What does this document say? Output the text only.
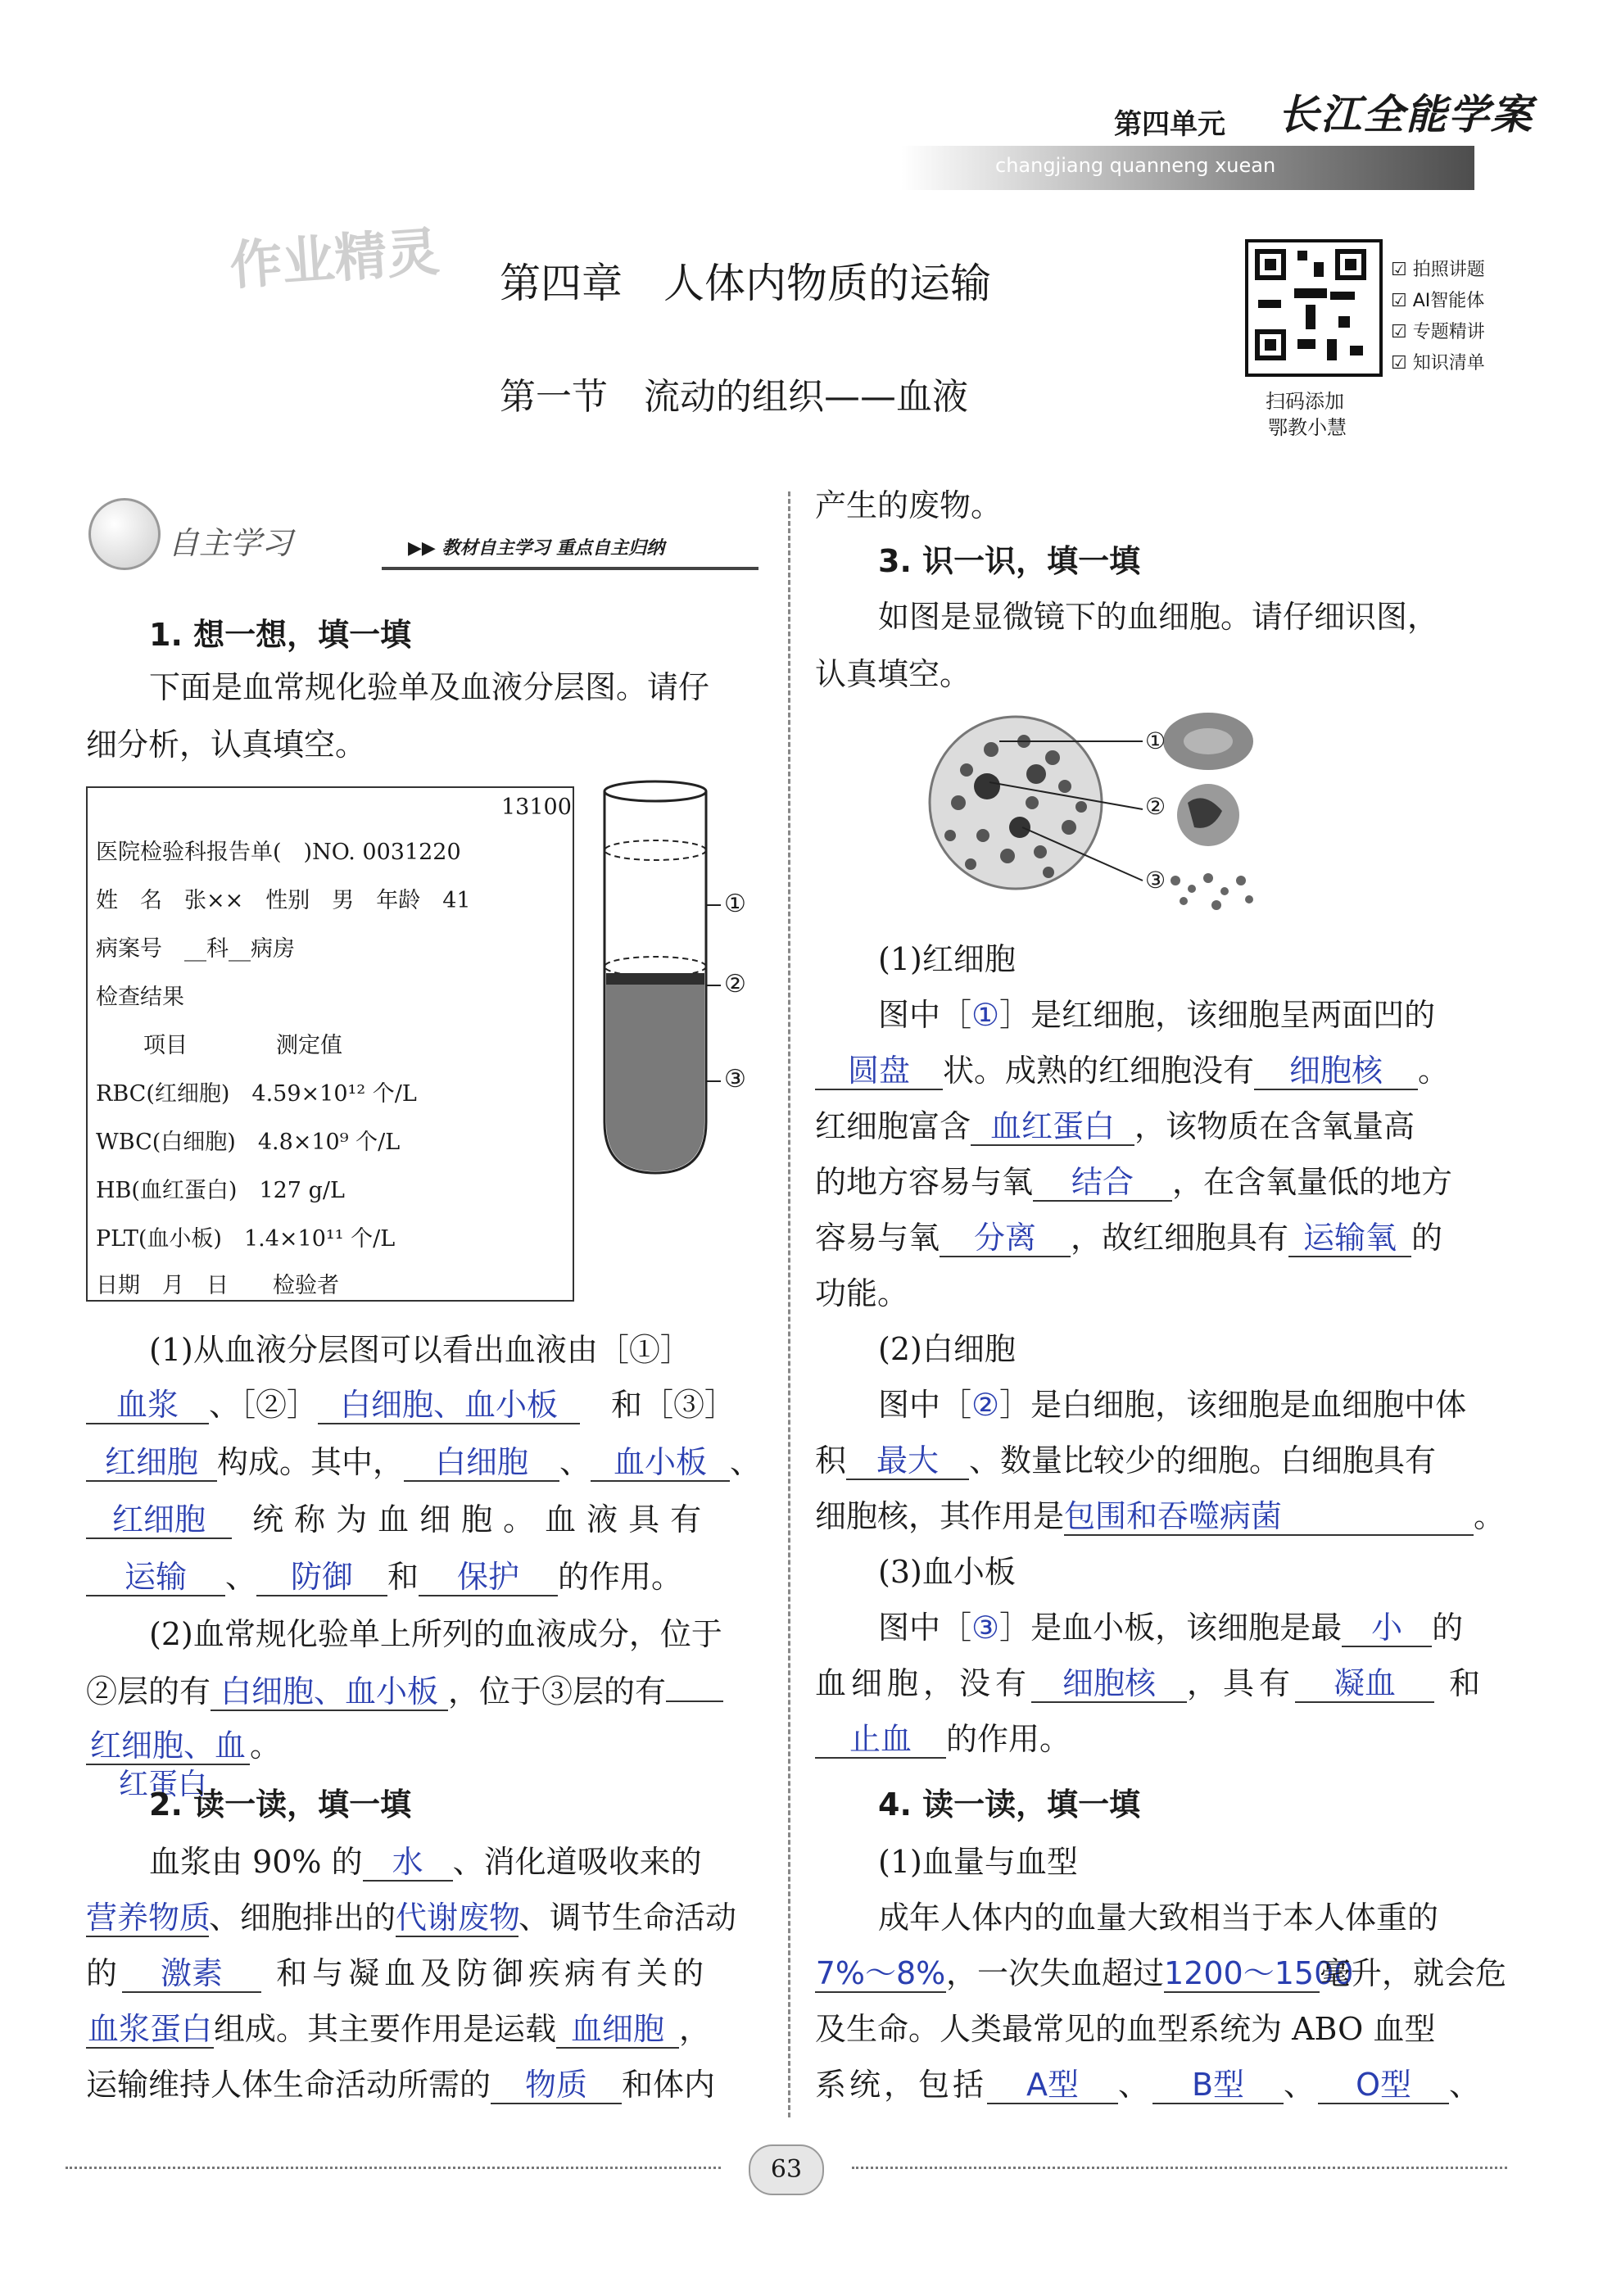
第四单元 长江全能学案
changjiang quanneng xuean
作业精灵 第四章　人体内物质的运输
第一节　流动的组织——血液
☑ 拍照讲题
☑ AI智能体
☑ 专题精讲
☑ 知识清单
扫码添加
鄂教小慧
自主学习	▶▶ 教材自主学习 重点自主归纳
1. 想一想，填一填
下面是血常规化验单及血液分层图。请仔
细分析，认真填空。
13100
医院检验科报告单(　)NO. 0031220
姓　名　张××　性别　男　年龄　41
病案号　__科__病房
检查结果
项目　　　　测定值
RBC(红细胞)　4.59×10¹² 个/L
WBC(白细胞)　4.8×10⁹ 个/L
HB(血红蛋白)　127 g/L
PLT(血小板)　1.4×10¹¹ 个/L
日期　月　日　　检验者
①
②
③
(1)从血液分层图可以看出血液由［①］
血浆 、［②］ 白细胞、血小板　 和［③］
红细胞 构成。其中， 白细胞 、 血小板 、
红细胞 统称为血细胞。血液具有
运输 、 防御 和 保护 的作用。
(2)血常规化验单上所列的血液成分，位于
②层的有 白细胞、血小板 ，位于③层的有
红细胞、血 。
红蛋白
2. 读一读，填一填
血浆由 90% 的 水 、消化道吸收来的
营养物质、细胞排出的代谢废物、调节生命活动
的 激素 和与凝血及防御疾病有关的
血浆蛋白组成。其主要作用是运载 血细胞 ，
运输维持人体生命活动所需的 物质 和体内
产生的废物。
3. 识一识，填一填
如图是显微镜下的血细胞。请仔细识图，
认真填空。
①
②
③
(1)红细胞
图中［①］是红细胞，该细胞呈两面凹的
圆盘 状。成熟的红细胞没有 细胞核 。
红细胞富含 血红蛋白 ，该物质在含氧量高
的地方容易与氧 结合 ，在含氧量低的地方
容易与氧 分离 ，故红细胞具有 运输氧 的
功能。
(2)白细胞
图中［②］是白细胞，该细胞是血细胞中体
积 最大 、数量比较少的细胞。白细胞具有
细胞核，其作用是包围和吞噬病菌	。
(3)血小板
图中［③］是血小板，该细胞是最 小 的
血细胞，没有 细胞核 ，具有 凝血 和
止血 的作用。
4. 读一读，填一填
(1)血量与血型
成年人体内的血量大致相当于本人体重的
7%～8%，一次失血超过1200～1500毫升，就会危
及生命。人类最常见的血型系统为 ABO 血型
系统，包括 A型 、 B型 、 O型 、
63
